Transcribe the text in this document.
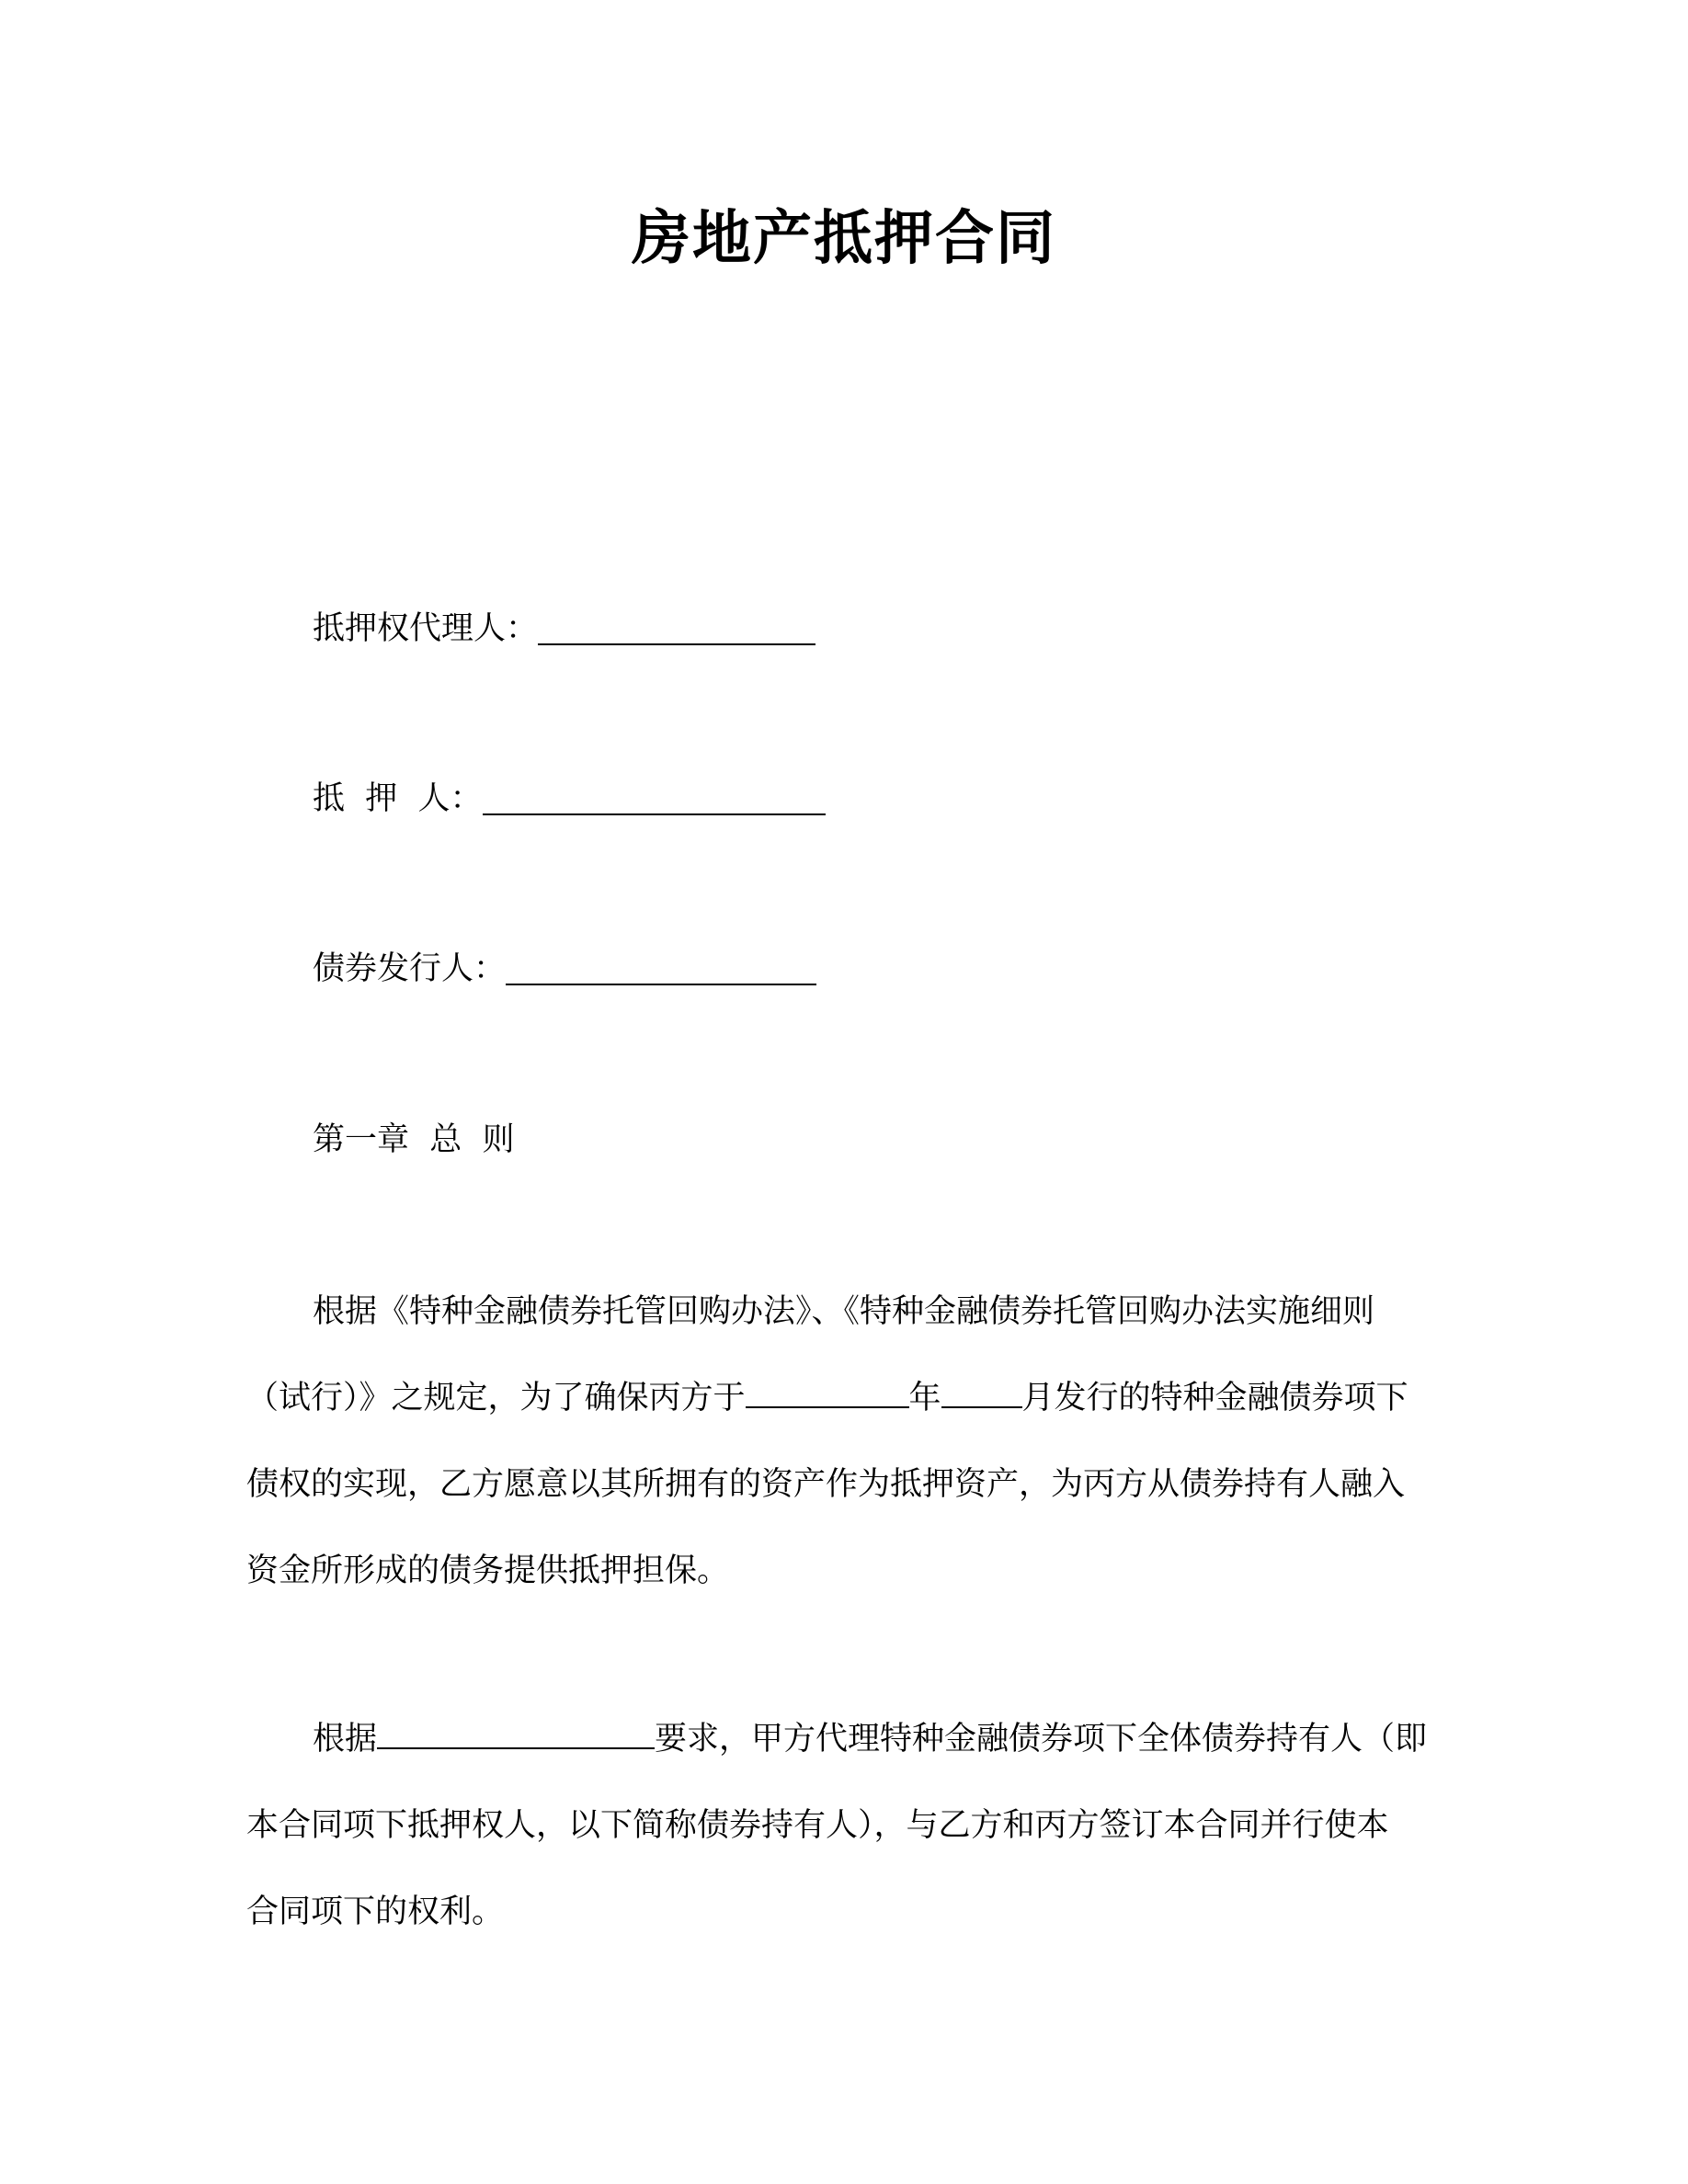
房地产抵押合同
抵押权代理人：
抵  押  人：
债券发行人：
第一章  总  则
根据《特种金融债券托管回购办法》、《特种金融债券托管回购办法实施细则
（试行）》之规定，为了确保丙方于	年	月发行的特种金融债券项下
债权的实现，乙方愿意以其所拥有的资产作为抵押资产，为丙方从债券持有人融入
资金所形成的债务提供抵押担保。
根据	要求，甲方代理特种金融债券项下全体债券持有人（即
本合同项下抵押权人，以下简称债券持有人），与乙方和丙方签订本合同并行使本
合同项下的权利。
